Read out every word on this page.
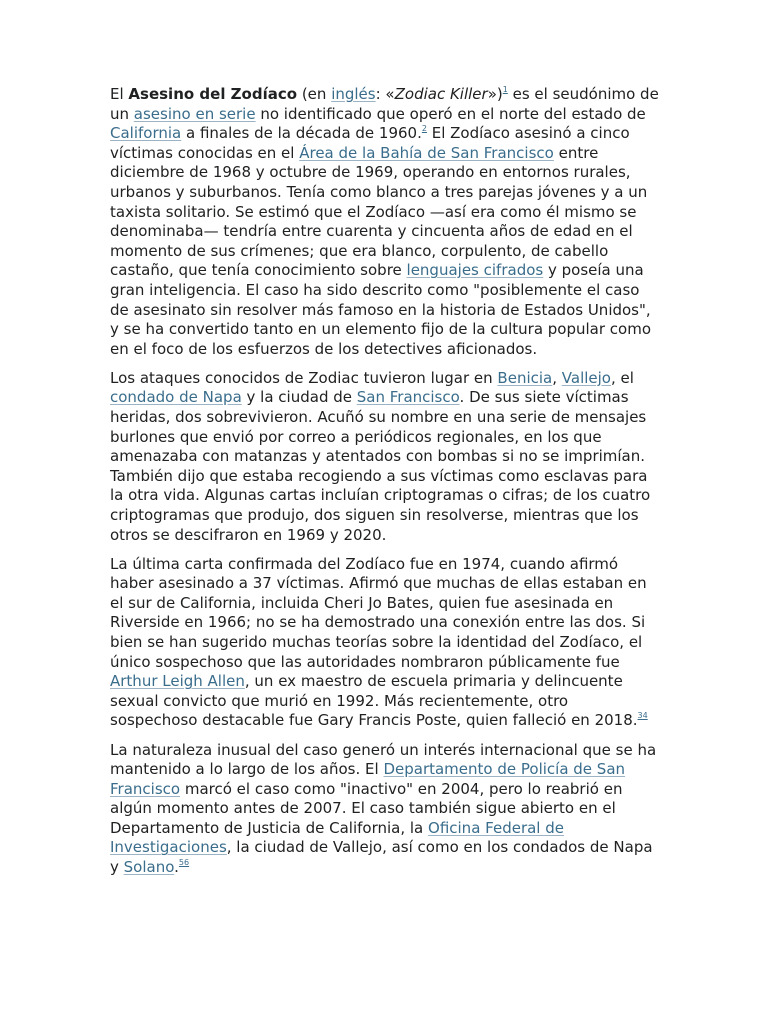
El Asesino del Zodíaco (en inglés: «Zodiac Killer»)$^1$ es el seudónimo de un asesino en serie no identificado que operó en el norte del estado de California a finales de la década de 1960.$^2$ El Zodíaco asesinó a cinco víctimas conocidas en el Área de la Bahía de San Francisco entre diciembre de 1968 y octubre de 1969, operando en entornos rurales, urbanos y suburbanos. Tenía como blanco a tres parejas jóvenes y a un taxista solitario. Se estimó que el Zodíaco —así era como él mismo se denominaba— tendría entre cuarenta y cincuenta años de edad en el momento de sus crímenes; que era blanco, corpulento, de cabello castaño, que tenía conocimiento sobre lenguajes cifrados y poseía una gran inteligencia. El caso ha sido descrito como "posiblemente el caso de asesinato sin resolver más famoso en la historia de Estados Unidos", y se ha convertido tanto en un elemento fijo de la cultura popular como en el foco de los esfuerzos de los detectives aficionados.

Los ataques conocidos de Zodiac tuvieron lugar en Benicia, Vallejo, el condado de Napa y la ciudad de San Francisco. De sus siete víctimas heridas, dos sobrevivieron. Acuñó su nombre en una serie de mensajes burlones que envió por correo a periódicos regionales, en los que amenazaba con matanzas y atentados con bombas si no se imprimían. También dijo que estaba recogiendo a sus víctimas como esclavas para la otra vida. Algunas cartas incluían criptogramas o cifras; de los cuatro criptogramas que produjo, dos siguen sin resolverse, mientras que los otros se descifraron en 1969 y 2020.

La última carta confirmada del Zodíaco fue en 1974, cuando afirmó haber asesinado a 37 víctimas. Afirmó que muchas de ellas estaban en el sur de California, incluida Cheri Jo Bates, quien fue asesinada en Riverside en 1966; no se ha demostrado una conexión entre las dos. Si bien se han sugerido muchas teorías sobre la identidad del Zodíaco, el único sospechoso que las autoridades nombraron públicamente fue Arthur Leigh Allen, un ex maestro de escuela primaria y delincuente sexual convicto que murió en 1992. Más recientemente, otro sospechoso destacable fue Gary Francis Poste, quien falleció en 2018.34

La naturaleza inusual del caso generó un interés internacional que se ha mantenido a lo largo de los años. El Departamento de Policía de San Francisco marcó el caso como "inactivo" en 2004, pero lo reabrió en algún momento antes de 2007. El caso también sigue abierto en el Departamento de Justicia de California, la Oficina Federal de Investigaciones, la ciudad de Vallejo, así como en los condados de Napa y Solano.$^{56}$
